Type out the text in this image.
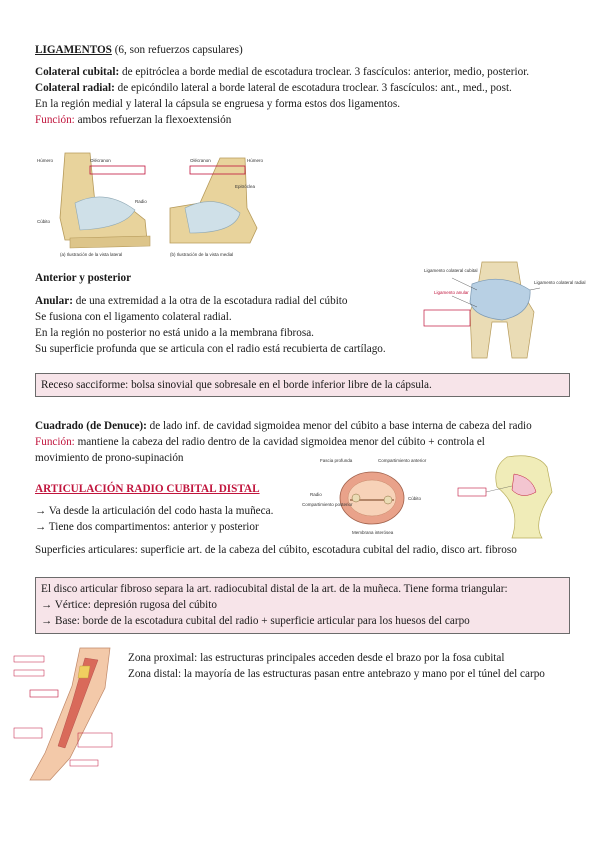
LIGAMENTOS (6, son refuerzos capsulares)
Colateral cubital: de epitróclea a borde medial de escotadura troclear. 3 fascículos: anterior, medio, posterior.
Colateral radial: de epicóndilo lateral a borde lateral de escotadura troclear. 3 fascículos: ant., med., post.
En la región medial y lateral la cápsula se engruesa y forma estos dos ligamentos.
Función: ambos refuerzan la flexoextensión
Húmero	Olécranon
Cúbito
Radio
(a) Ilustración de la vista lateral
Olécranon	Húmero
Epitróclea
(b) Ilustración de la vista medial
Anterior y posterior
Anular: de una extremidad a la otra de la escotadura radial del cúbito
Se fusiona con el ligamento colateral radial.
En la región no posterior no está unido a la membrana fibrosa.
Su superficie profunda que se articula con el radio está recubierta de cartílago.
Ligamento colateral cubital
Ligamento anular
Ligamento colateral radial
Receso sacciforme: bolsa sinovial que sobresale en el borde inferior libre de la cápsula.
Cuadrado (de Denuce): de lado inf. de cavidad sigmoidea menor del cúbito a base interna de cabeza del radio
Función: mantiene la cabeza del radio dentro de la cavidad sigmoidea menor del cúbito + controla el
movimiento de prono-supinación	Fascia profunda	Compartimiento anterior
Radio
Compartimiento posterior
Cúbito
Membrana interósea
ARTICULACIÓN RADIO CUBITAL DISTAL
→ Va desde la articulación del codo hasta la muñeca.
→ Tiene dos compartimentos: anterior y posterior
Superficies articulares: superficie art. de la cabeza del cúbito, escotadura cubital del radio, disco art. fibroso
El disco articular fibroso separa la art. radiocubital distal de la art. de la muñeca. Tiene forma triangular:
→ Vértice: depresión rugosa del cúbito
→ Base: borde de la escotadura cubital del radio + superficie articular para los huesos del carpo
Zona proximal: las estructuras principales acceden desde el brazo por la fosa cubital
Zona distal: la mayoría de las estructuras pasan entre antebrazo y mano por el túnel del carpo
